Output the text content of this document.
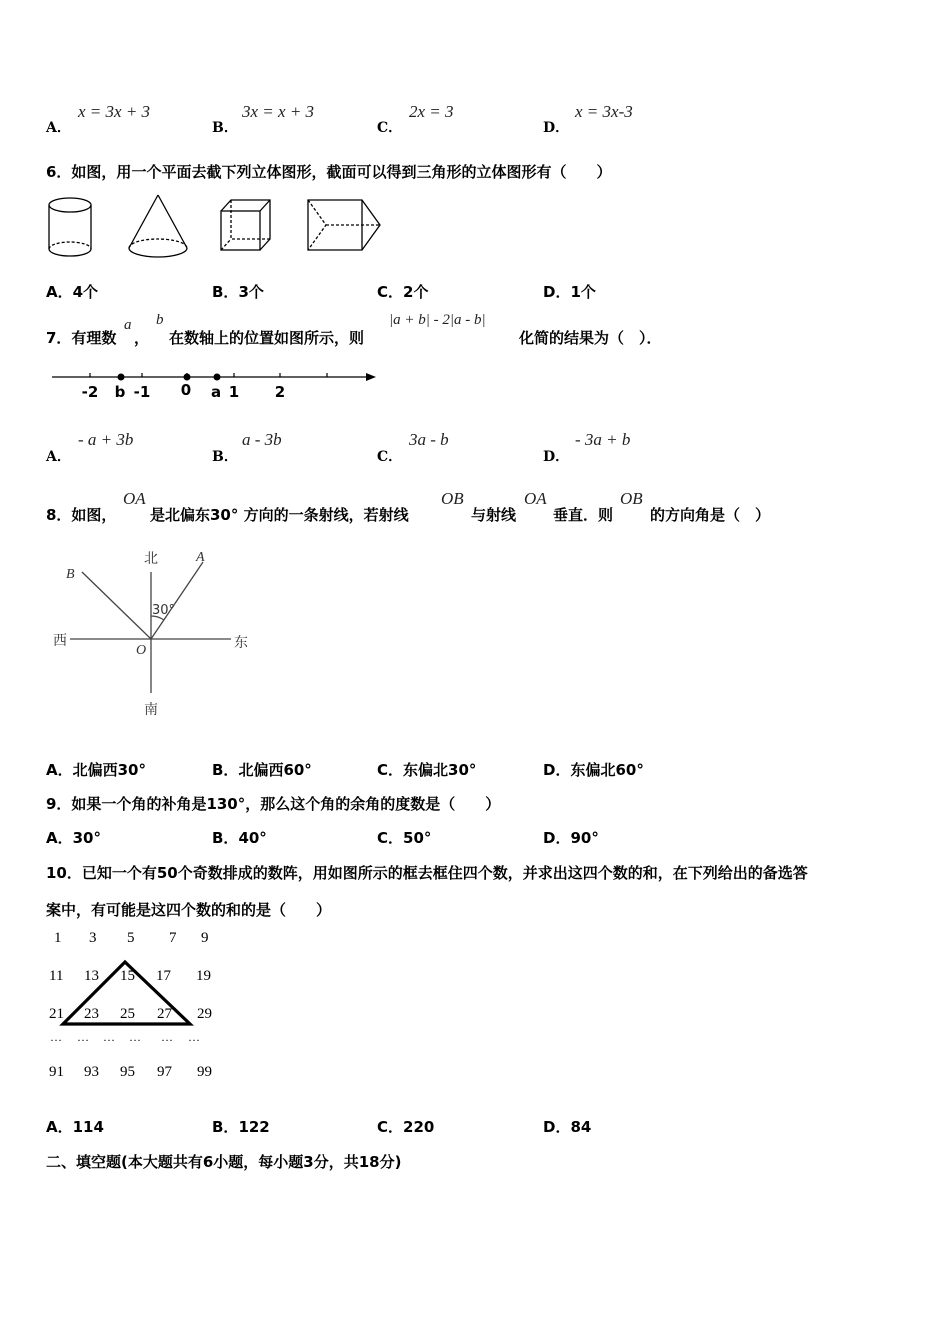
A．
x = 3x + 3
B．
3x = x + 3
C．
2x = 3
D．
x = 3x-3
6．如图，用一个平面去截下列立体图形，截面可以得到三角形的立体图形有（　　）
A．4个	B．3个	C．2个	D．1个
7．有理数
a
，
b
在数轴上的位置如图所示，则
|a + b| - 2|a - b|
化简的结果为（　）．
-2 b -1 0 a 1 2
A．
- a + 3b
B．
a - 3b
C．
3a - b
D．
- 3a + b
8．如图，
OA
是北偏东30° 方向的一条射线，若射线
OB
与射线
OA
垂直．则
OB
的方向角是（　）
北
南
西	东
30°
A
B
O
A．北偏西30°	B．北偏西60°	C．东偏北30°	D．东偏北60°
9．如果一个角的补角是130°，那么这个角的余角的度数是（　　）
A．30°	B．40°	C．50°	D．90°
10．已知一个有50个奇数排成的数阵，用如图所示的框去框住四个数，并求出这四个数的和，在下列给出的备选答
案中，有可能是这四个数的和的是（　　）
1 3 5 7 9
11 13 15 17 19
21 23 25 27 29
… … … … … …
91 93 95 97 99
A．114	B．122	C．220	D．84
二、填空题(本大题共有6小题，每小题3分，共18分)
